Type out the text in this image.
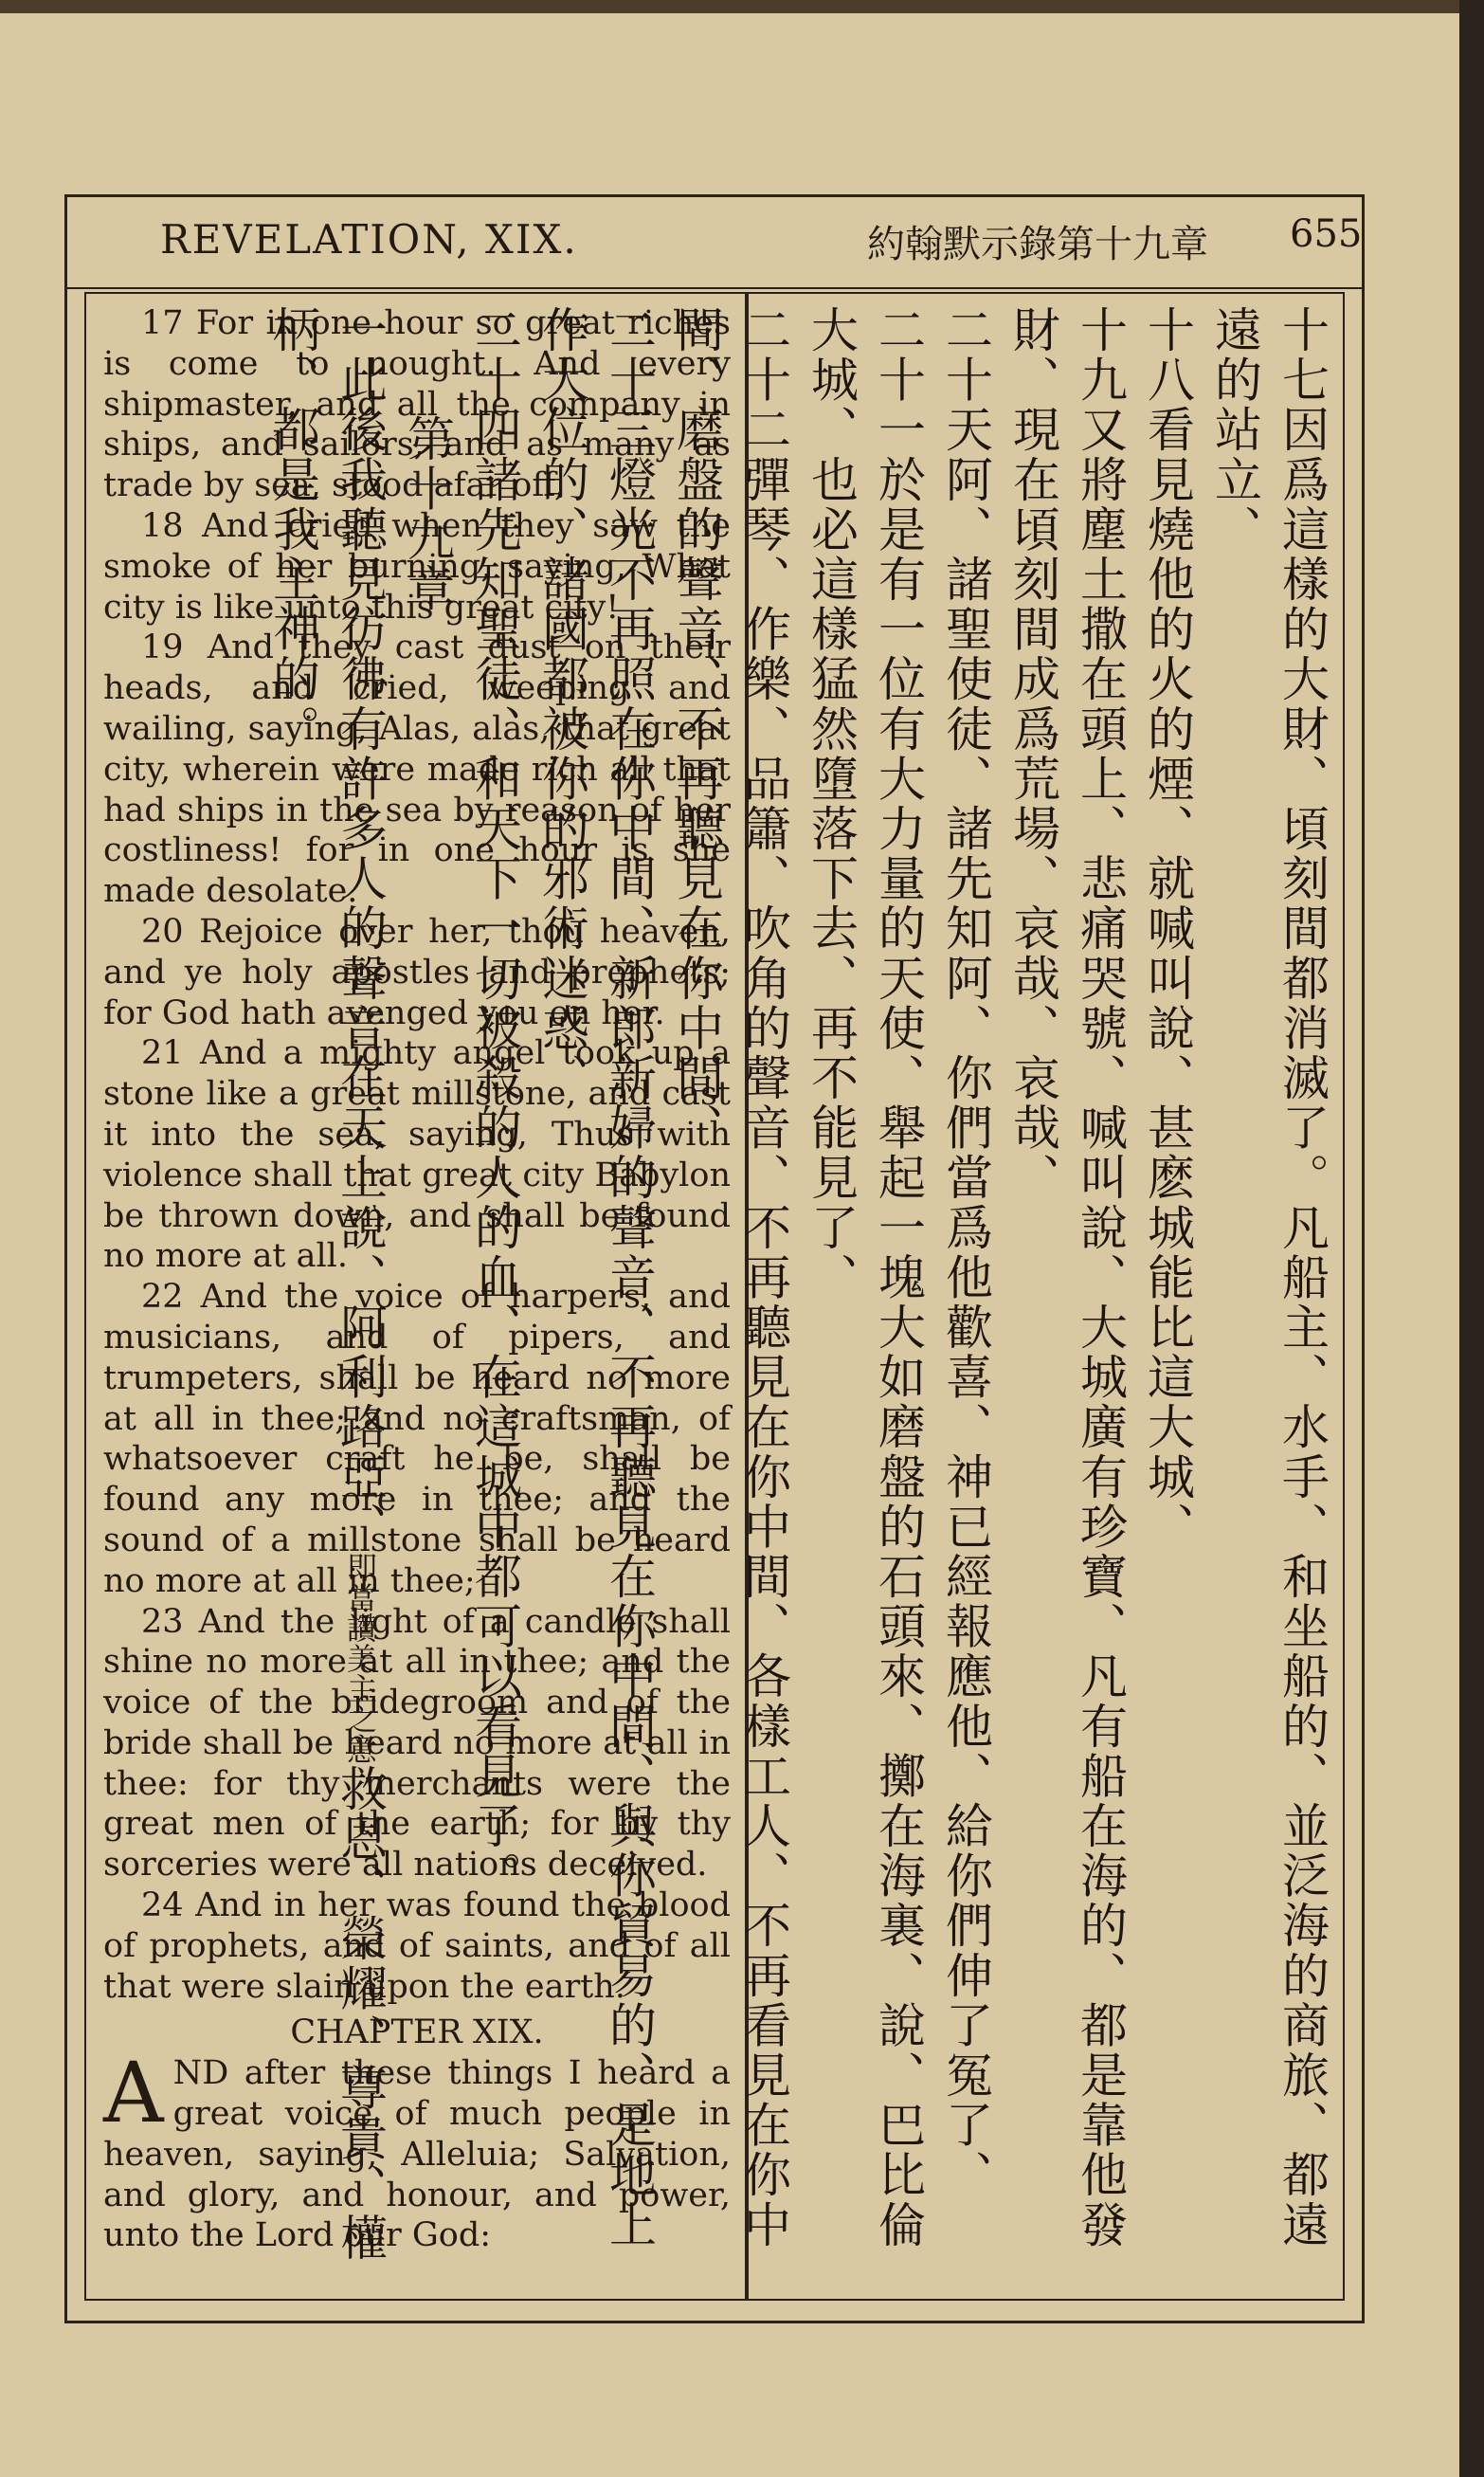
REVELATION, XIX.	約翰默示錄第十九章 655

17 For in one hour so great riches is come to nought. And every shipmaster, and all the company in ships, and sailors, and as many as trade by sea, stood afar off,

18 And cried when they saw the smoke of her burning, saying, What city is like unto this great city!

19 And they cast dust on their heads, and cried, weeping and wailing, saying, Alas, alas, that great city, wherein were made rich all that had ships in the sea by reason of her costliness! for in one hour is she made desolate.

20 Rejoice over her, thou heaven, and ye holy apostles and prophets; for God hath avenged you on her.

21 And a mighty angel took up a stone like a great millstone, and cast it into the sea, saying, Thus with violence shall that great city Babylon be thrown down, and shall be found no more at all.

22 And the voice of harpers, and musicians, and of pipers, and trumpeters, shall be heard no more at all in thee; and no craftsman, of whatsoever craft he be, shall be found any more in thee; and the sound of a millstone shall be heard no more at all in thee;

23 And the light of a candle shall shine no more at all in thee; and the voice of the bridegroom and of the bride shall be heard no more at all in thee: for thy merchants were the great men of the earth; for by thy sorceries were all nations deceived.

24 And in her was found the blood of prophets, and of saints, and of all that were slain upon the earth.

CHAPTER XIX.

AND after these things I heard a great voice of much people in heaven, saying, Alleluia; Salvation, and glory, and honour, and power, unto the Lord our God:	十七因爲這樣的大財、頃刻間都消滅了。凡船主、水手、和坐船的、並泛海的商旅、都遠遠的站立、

十八看見燒他的火的煙、就喊叫說、甚麽城能比這大城、

十九又將塵土撒在頭上、悲痛哭號、喊叫說、大城廣有珍寶、凡有船在海的、都是靠他發財、現在頃刻間成爲荒場、哀哉、哀哉、

二十天阿、諸聖使徒、諸先知阿、你們當爲他歡喜、神已經報應他、給你們伸了冤了、

二十一於是有一位有大力量的天使、舉起一塊大如磨盤的石頭來、擲在海裏、說、巴比倫大城、也必這樣猛然墮落下去、再不能見了、

二十二彈琴、作樂、品簫、吹角的聲音、不再聽見在你中間、各樣工人、不再看見在你中間、磨盤的聲音、不再聽見在你中間、

二十三燈光不再照在你中間、新郎新婦的聲音、不再聽見在你中間、與你貿易的、是地上作大位的、諸國都被你的邪術迷惑、

二十四諸先知聖徒、和天下一切被殺的人的血、在這城中都可以看見了。

第十九章

一此後我聽見彷彿有許多人的聲音在天上說、阿利路亞、即當讚美主之意救恩、榮耀、尊貴、權柄、都是我主神的。
